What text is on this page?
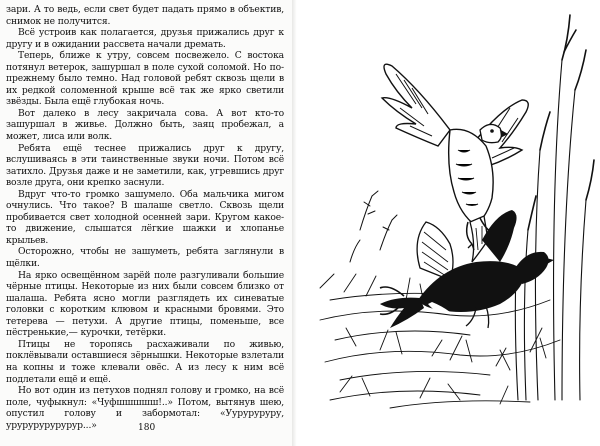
зари. А то ведь, если свет будет падать прямо в объектив, снимок не получится.

Всё устроив как полагается, друзья прижались друг к другу и в ожидании рассвета начали дремать.

Теперь, ближе к утру, совсем посвежело. С востока потянул ветерок, зашуршал в поле сухой соломой. Но по-прежнему было темно. Над головой ребят сквозь щели в их редкой соломенной крыше всё так же ярко светили звёзды. Была ещё глубокая ночь.

Вот далеко в лесу закричала сова. А вот кто-то зашуршал в живье. Должно быть, заяц пробежал, а может, лиса или волк.

Ребята ещё теснее прижались друг к другу, вслушиваясь в эти таинственные звуки ночи. Потом всё затихло. Друзья даже и не заметили, как, угревшись друг возле друга, они крепко заснули.

Вдруг что-то громко зашумело. Оба мальчика мигом очнулись. Что такое? В шалаше светло. Сквозь щели пробивается свет холодной осенней зари. Кругом какое-то движение, слышатся лёгкие шажки и хлопанье крыльев.

Осторожно, чтобы не зашуметь, ребята заглянули в щёлки.

На ярко освещённом зарёй поле разгуливали большие чёрные птицы. Некоторые из них были совсем близко от шалаша. Ребята ясно могли разглядеть их синеватые головки с коротким клювом и красными бровями. Это тетерева — петухи. А другие птицы, поменьше, все пёстренькие,— курочки, тетёрки.

Птицы не торопясь расхаживали по живью, поклёвывали оставшиеся зёрнышки. Некоторые взлетали на копны и тоже клевали овёс. А из лесу к ним всё подлетали ещё и ещё.

Но вот один из петухов поднял голову и громко, на всё поле, чуфыкнул: «Чуфшшшшш!..» Потом, вытянув шею, опустил голову и забормотал: «Ууруруруру, урурурурурурур...»	180
